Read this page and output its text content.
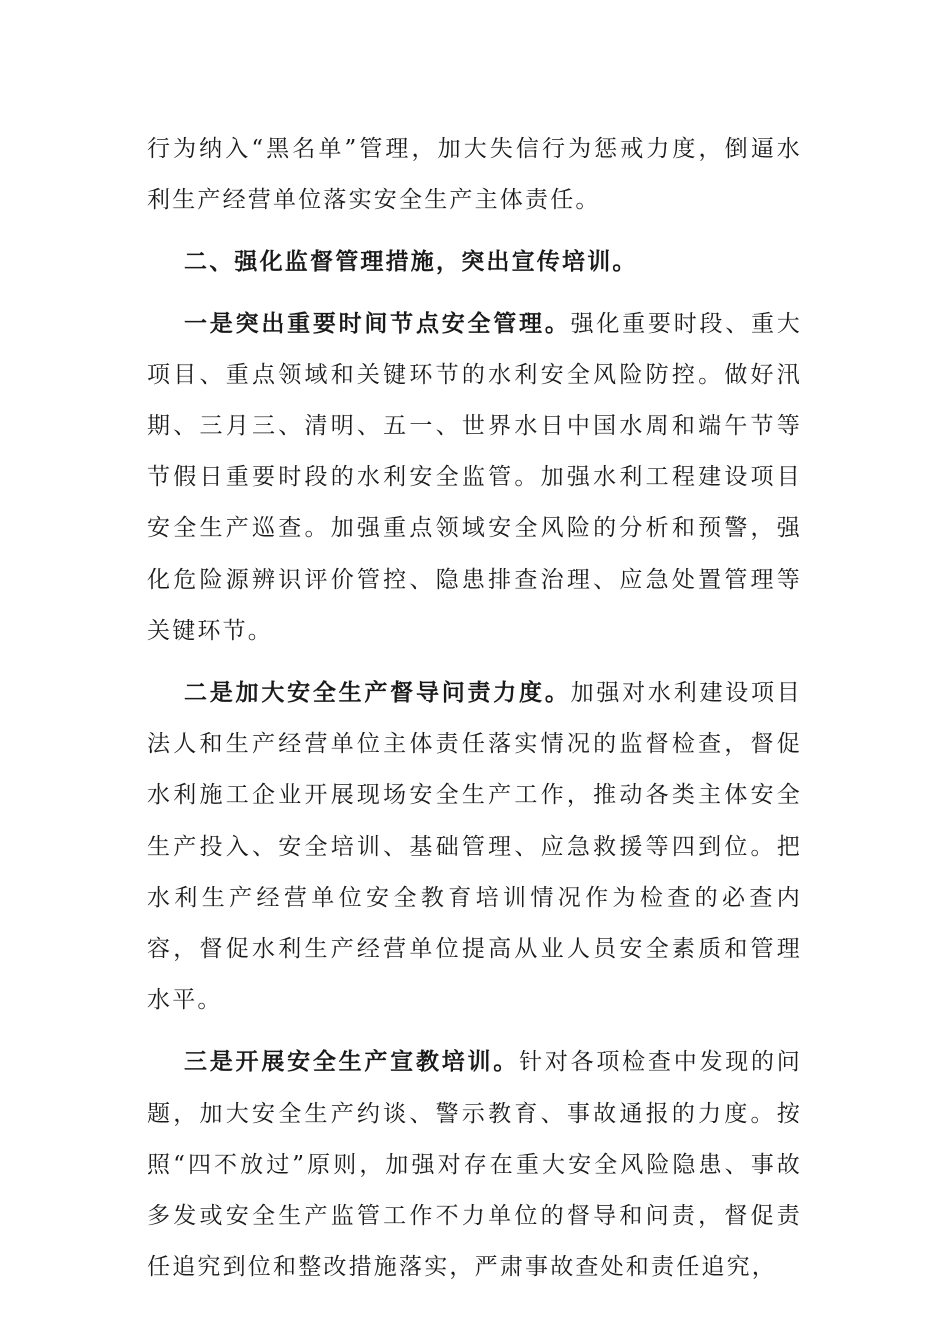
行为纳入“黑名单”管理，加大失信行为惩戒力度，倒逼水利生产经营单位落实安全生产主体责任。

二、强化监督管理措施，突出宣传培训。

一是突出重要时间节点安全管理。强化重要时段、重大项目、重点领域和关键环节的水利安全风险防控。做好汛期、三月三、清明、五一、世界水日中国水周和端午节等节假日重要时段的水利安全监管。加强水利工程建设项目安全生产巡查。加强重点领域安全风险的分析和预警，强化危险源辨识评价管控、隐患排查治理、应急处置管理等关键环节。

二是加大安全生产督导问责力度。加强对水利建设项目法人和生产经营单位主体责任落实情况的监督检查，督促水利施工企业开展现场安全生产工作，推动各类主体安全生产投入、安全培训、基础管理、应急救援等四到位。把水利生产经营单位安全教育培训情况作为检查的必查内容，督促水利生产经营单位提高从业人员安全素质和管理水平。

三是开展安全生产宣教培训。针对各项检查中发现的问题，加大安全生产约谈、警示教育、事故通报的力度。按照“四不放过”原则，加强对存在重大安全风险隐患、事故多发或安全生产监管工作不力单位的督导和问责，督促责任追究到位和整改措施落实，严肃事故查处和责任追究，
